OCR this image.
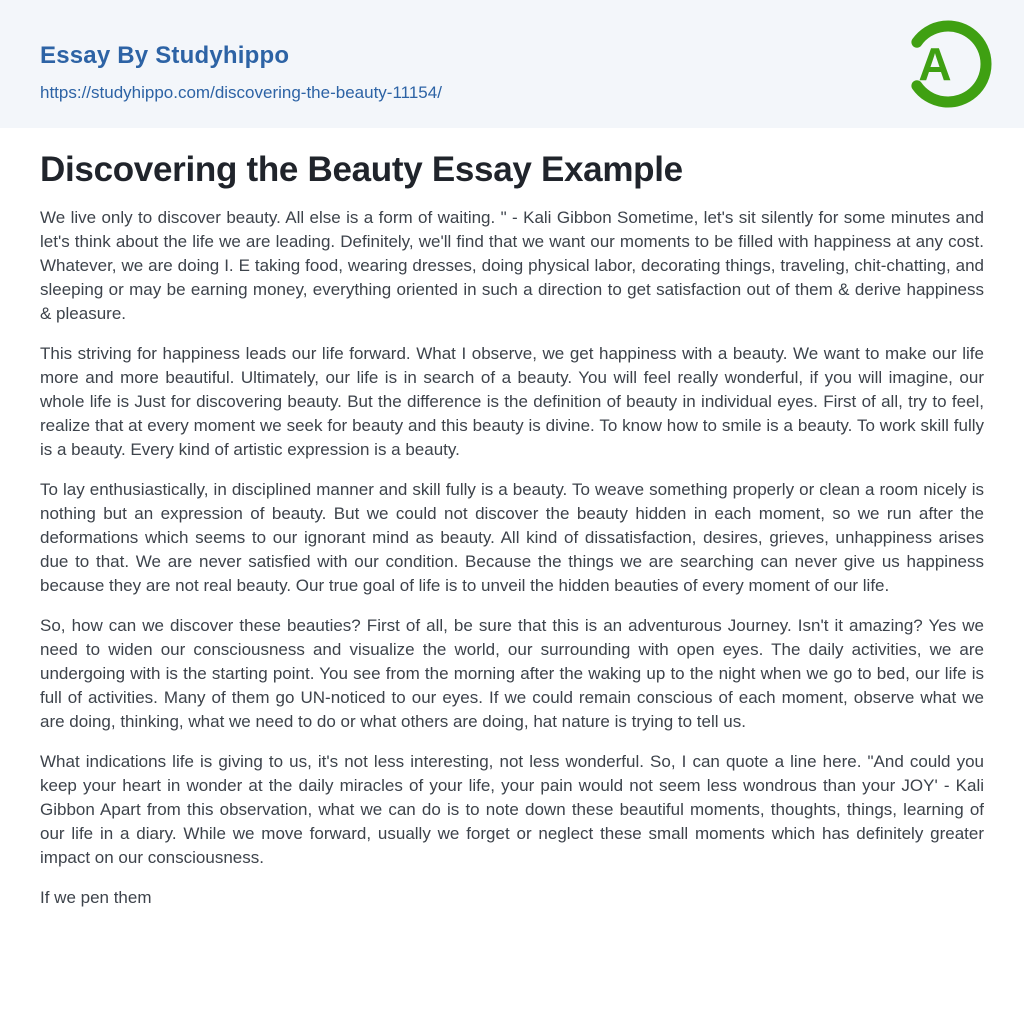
Essay By Studyhippo
https://studyhippo.com/discovering-the-beauty-11154/
A
Discovering the Beauty Essay Example

We live only to discover beauty. All else is a form of waiting. " - Kali Gibbon Sometime, let's sit silently for some minutes and let's think about the life we are leading. Definitely, we'll find that we want our moments to be filled with happiness at any cost. Whatever, we are doing I. E taking food, wearing dresses, doing physical labor, decorating things, traveling, chit-chatting, and sleeping or may be earning money, everything oriented in such a direction to get satisfaction out of them & derive happiness & pleasure.

This striving for happiness leads our life forward. What I observe, we get happiness with a beauty. We want to make our life more and more beautiful. Ultimately, our life is in search of a beauty. You will feel really wonderful, if you will imagine, our whole life is Just for discovering beauty. But the difference is the definition of beauty in individual eyes. First of all, try to feel, realize that at every moment we seek for beauty and this beauty is divine. To know how to smile is a beauty. To work skill fully is a beauty. Every kind of artistic expression is a beauty.

To lay enthusiastically, in disciplined manner and skill fully is a beauty. To weave something properly or clean a room nicely is nothing but an expression of beauty. But we could not discover the beauty hidden in each moment, so we run after the deformations which seems to our ignorant mind as beauty. All kind of dissatisfaction, desires, grieves, unhappiness arises due to that. We are never satisfied with our condition. Because the things we are searching can never give us happiness because they are not real beauty. Our true goal of life is to unveil the hidden beauties of every moment of our life.

So, how can we discover these beauties? First of all, be sure that this is an adventurous Journey. Isn't it amazing? Yes we need to widen our consciousness and visualize the world, our surrounding with open eyes. The daily activities, we are undergoing with is the starting point. You see from the morning after the waking up to the night when we go to bed, our life is full of activities. Many of them go UN-noticed to our eyes. If we could remain conscious of each moment, observe what we are doing, thinking, what we need to do or what others are doing, hat nature is trying to tell us.

What indications life is giving to us, it's not less interesting, not less wonderful. So, I can quote a line here. "And could you keep your heart in wonder at the daily miracles of your life, your pain would not seem less wondrous than your JOY' - Kali Gibbon Apart from this observation, what we can do is to note down these beautiful moments, thoughts, things, learning of our life in a diary. While we move forward, usually we forget or neglect these small moments which has definitely greater impact on our consciousness.

If we pen them
